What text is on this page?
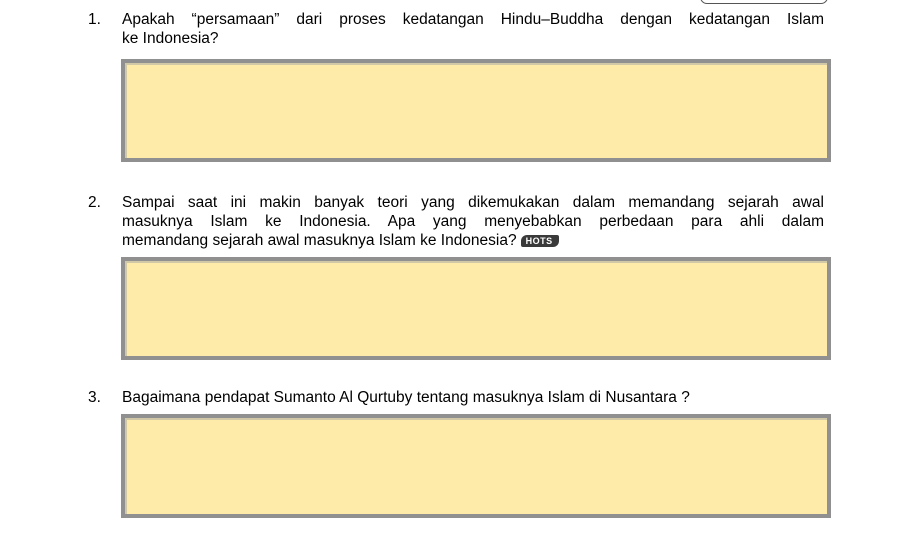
1. Apakah “persamaan” dari proses kedatangan Hindu–Buddha dengan kedatangan Islam
ke Indonesia?
2. Sampai saat ini makin banyak teori yang dikemukakan dalam memandang sejarah awal
masuknya Islam ke Indonesia. Apa yang menyebabkan perbedaan para ahli dalam
memandang sejarah awal masuknya Islam ke Indonesia? HOTS
3. Bagaimana pendapat Sumanto Al Qurtuby tentang masuknya Islam di Nusantara ?
